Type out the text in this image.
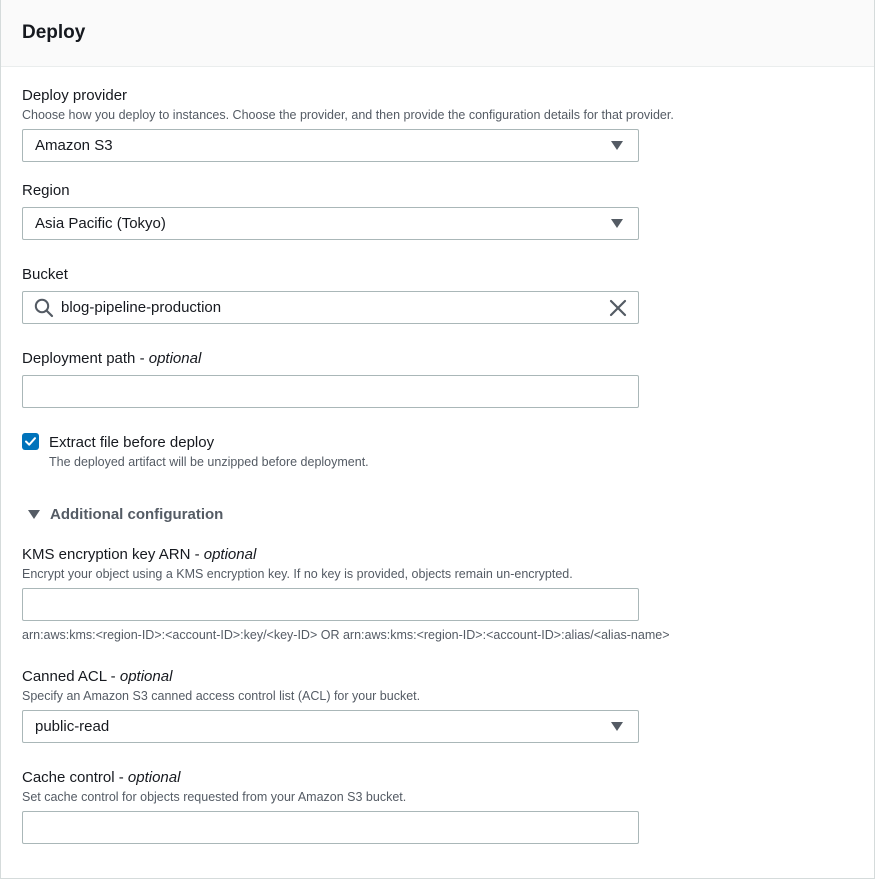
Deploy
Deploy provider
Choose how you deploy to instances. Choose the provider, and then provide the configuration details for that provider.
Amazon S3
Region
Asia Pacific (Tokyo)
Bucket
blog-pipeline-production
Deployment path - optional
Extract file before deploy
The deployed artifact will be unzipped before deployment.
Additional configuration
KMS encryption key ARN - optional
Encrypt your object using a KMS encryption key. If no key is provided, objects remain un-encrypted.
arn:aws:kms:<region-ID>:<account-ID>:key/<key-ID> OR arn:aws:kms:<region-ID>:<account-ID>:alias/<alias-name>
Canned ACL - optional
Specify an Amazon S3 canned access control list (ACL) for your bucket.
public-read
Cache control - optional
Set cache control for objects requested from your Amazon S3 bucket.
